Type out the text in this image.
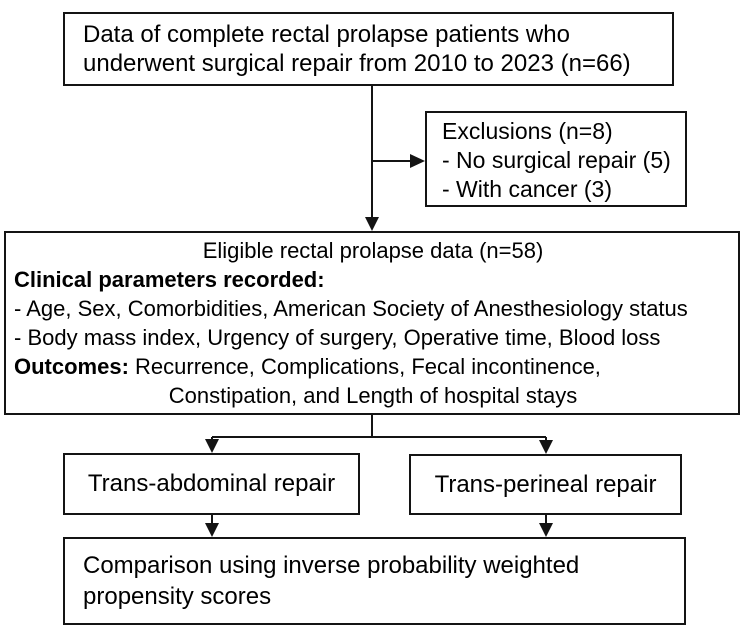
Data of complete rectal prolapse patients who
underwent surgical repair from 2010 to 2023 (n=66)
Exclusions (n=8)
- No surgical repair (5)
- With cancer (3)
Eligible rectal prolapse data (n=58)
Clinical parameters recorded:
- Age, Sex, Comorbidities, American Society of Anesthesiology status
- Body mass index, Urgency of surgery, Operative time, Blood loss
Outcomes: Recurrence, Complications, Fecal incontinence,
Constipation, and Length of hospital stays
Trans-abdominal repair	Trans-perineal repair
Comparison using inverse probability weighted
propensity scores
